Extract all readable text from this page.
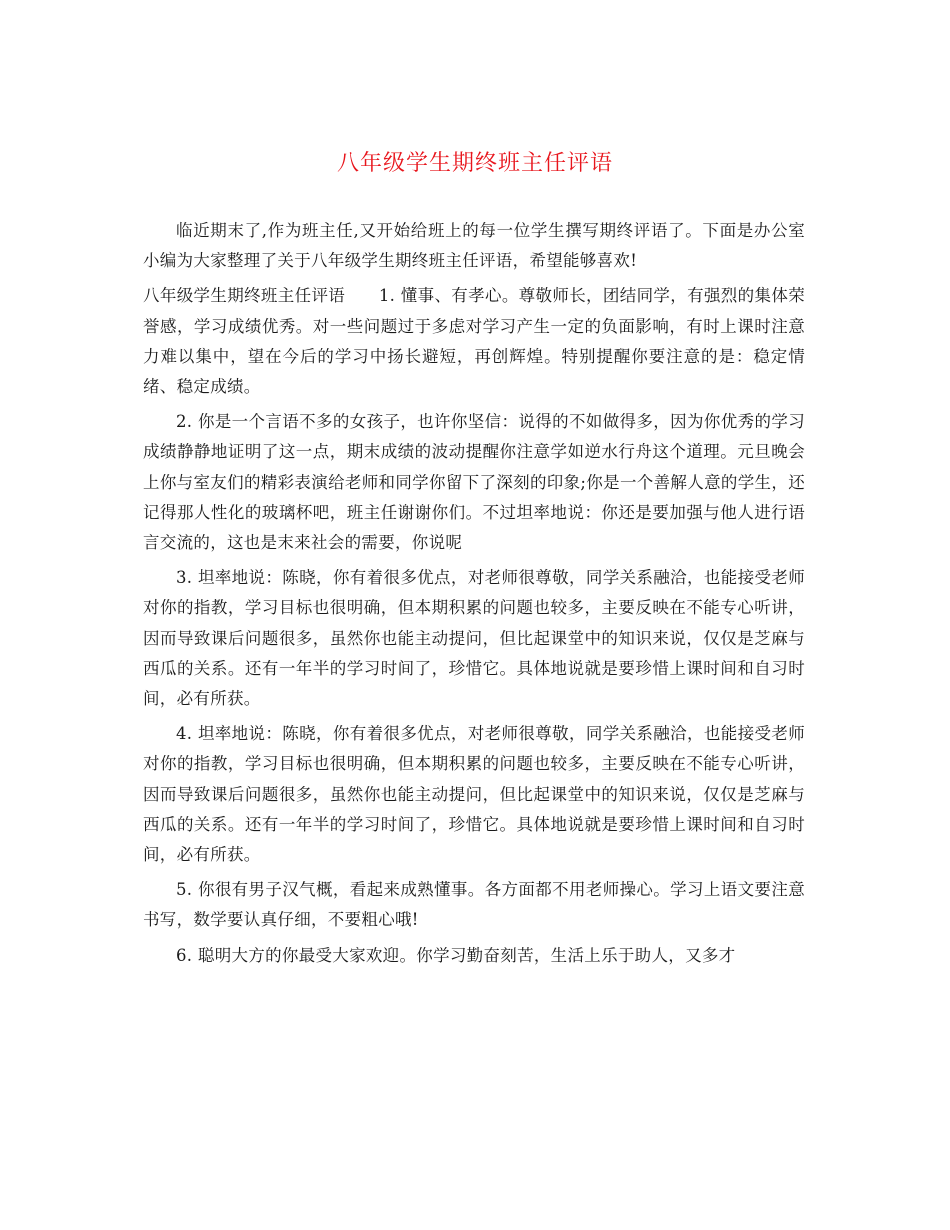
八年级学生期终班主任评语

临近期末了,作为班主任,又开始给班上的每一位学生撰写期终评语了。下面是办公室小编为大家整理了关于八年级学生期终班主任评语，希望能够喜欢!

八年级学生期终班主任评语　　1. 懂事、有孝心。尊敬师长，团结同学，有强烈的集体荣誉感，学习成绩优秀。对一些问题过于多虑对学习产生一定的负面影响，有时上课时注意力难以集中，望在今后的学习中扬长避短，再创辉煌。特别提醒你要注意的是：稳定情绪、稳定成绩。

2. 你是一个言语不多的女孩子，也许你坚信：说得的不如做得多，因为你优秀的学习成绩静静地证明了这一点，期末成绩的波动提醒你注意学如逆水行舟这个道理。元旦晚会上你与室友们的精彩表演给老师和同学你留下了深刻的印象;你是一个善解人意的学生，还记得那人性化的玻璃杯吧，班主任谢谢你们。不过坦率地说：你还是要加强与他人进行语言交流的，这也是末来社会的需要，你说呢

3. 坦率地说：陈晓，你有着很多优点，对老师很尊敬，同学关系融洽，也能接受老师对你的指教，学习目标也很明确，但本期积累的问题也较多，主要反映在不能专心听讲，因而导致课后问题很多，虽然你也能主动提问，但比起课堂中的知识来说，仅仅是芝麻与西瓜的关系。还有一年半的学习时间了，珍惜它。具体地说就是要珍惜上课时间和自习时间，必有所获。

4. 坦率地说：陈晓，你有着很多优点，对老师很尊敬，同学关系融洽，也能接受老师对你的指教，学习目标也很明确，但本期积累的问题也较多，主要反映在不能专心听讲，因而导致课后问题很多，虽然你也能主动提问，但比起课堂中的知识来说，仅仅是芝麻与西瓜的关系。还有一年半的学习时间了，珍惜它。具体地说就是要珍惜上课时间和自习时间，必有所获。

5. 你很有男子汉气概，看起来成熟懂事。各方面都不用老师操心。学习上语文要注意书写，数学要认真仔细，不要粗心哦!

6. 聪明大方的你最受大家欢迎。你学习勤奋刻苦，生活上乐于助人，又多才
